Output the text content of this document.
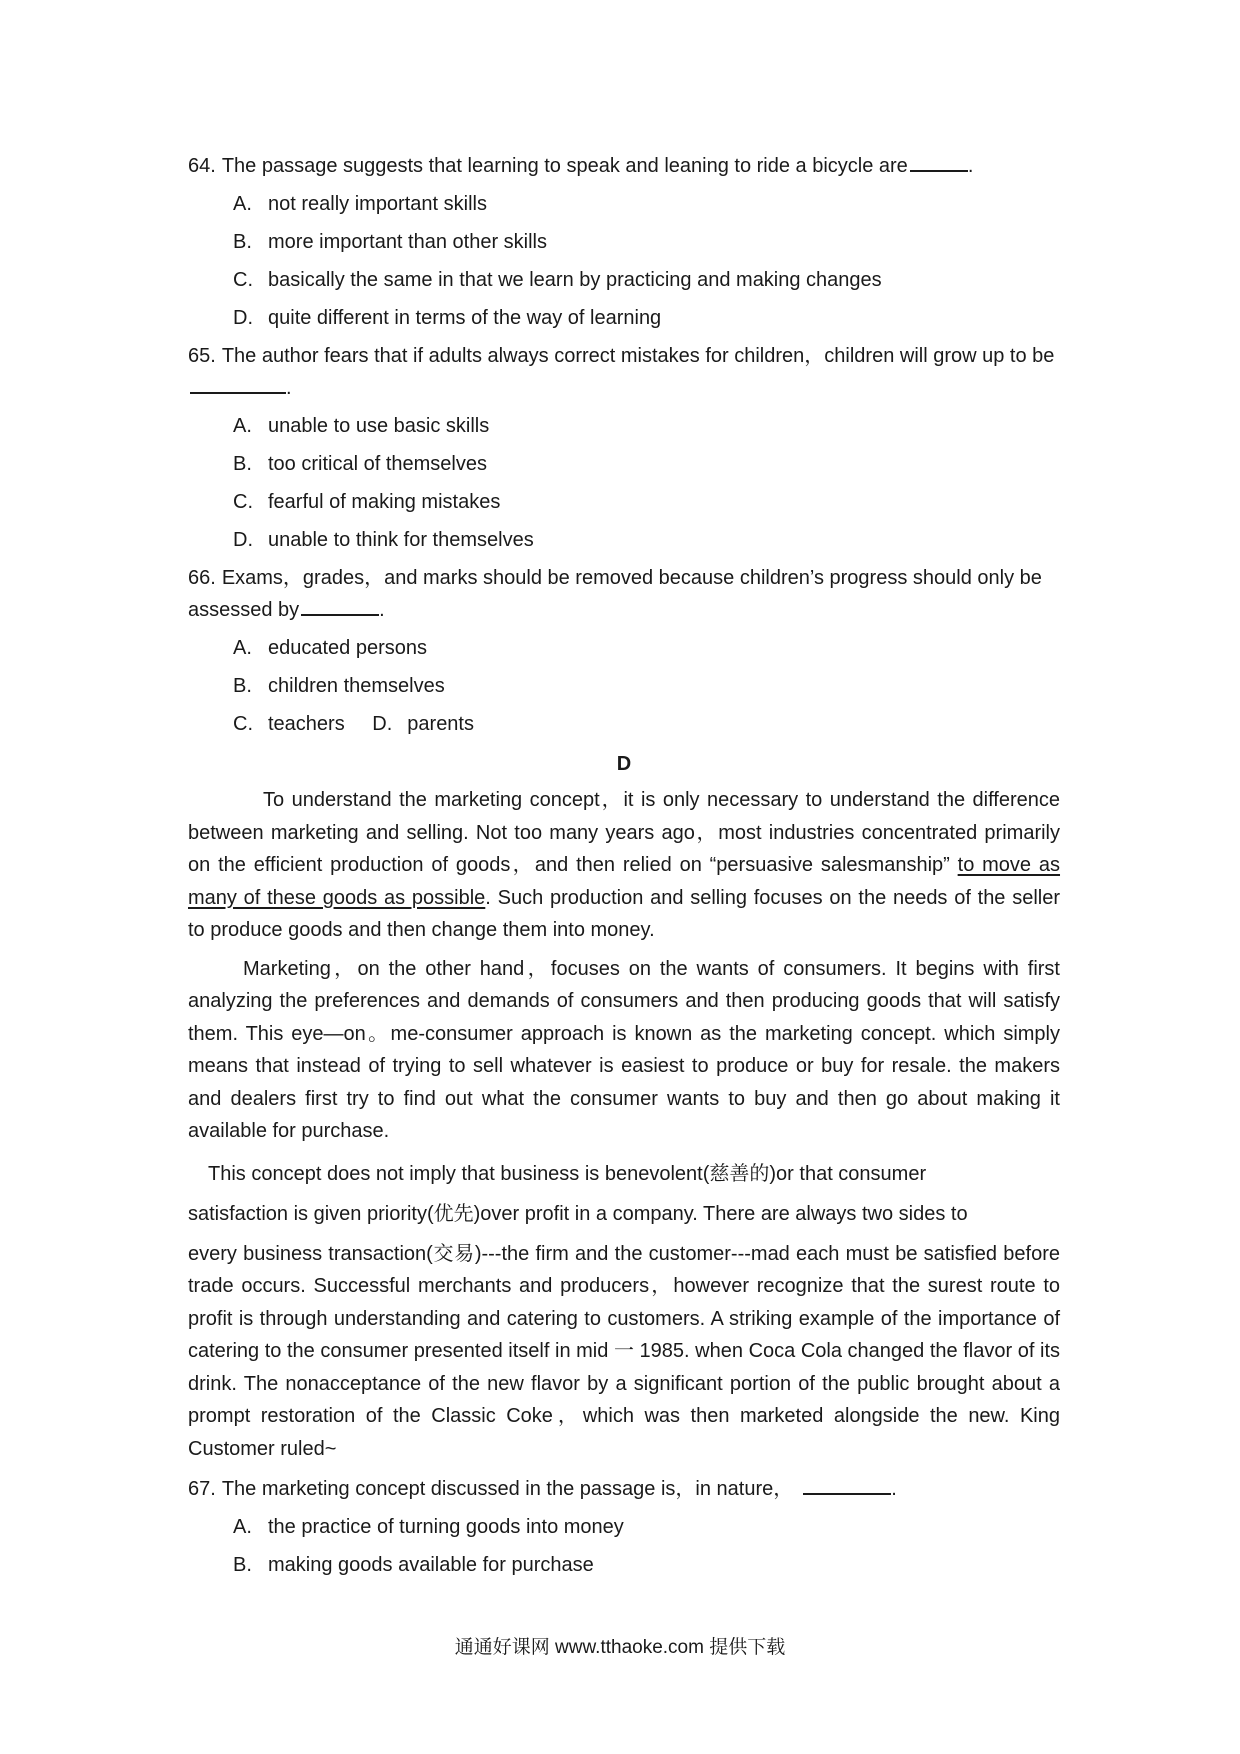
64. The passage suggests that learning to speak and leaning to ride a bicycle are	.
A. not really important skills
B. more important than other skills
C. basically the same in that we learn by practicing and making changes
D. quite different in terms of the way of learning
65. The author fears that if adults always correct mistakes for children，children will grow up to be.
A. unable to use basic skills
B. too critical of themselves
C. fearful of making mistakes
D. unable to think for themselves
66. Exams，grades，and marks should be removed because children’s progress should only be assessed by	.
A. educated persons
B. children themselves
C. teachers D. parents
D

To understand the marketing concept，it is only necessary to understand the difference between marketing and selling. Not too many years ago，most industries concentrated primarily on the efficient production of goods，and then relied on “persuasive salesmanship” to move as many of these goods as possible. Such production and selling focuses on the needs of the seller to produce goods and then change them into money.

Marketing，on the other hand，focuses on the wants of consumers. It begins with first analyzing the preferences and demands of consumers and then producing goods that will satisfy them. This eye—on。me-consumer approach is known as the marketing concept. which simply means that instead of trying to sell whatever is easiest to produce or buy for resale. the makers and dealers first try to find out what the consumer wants to buy and then go about making it available for purchase.

This concept does not imply that business is benevolent(慈善的)or that consumer
satisfaction is given priority(优先)over profit in a company. There are always two sides to

every business transaction(交易)---the firm and the customer---mad each must be satisfied before trade occurs. Successful merchants and producers，however recognize that the surest route to profit is through understanding and catering to customers. A striking example of the importance of catering to the consumer presented itself in mid 一 1985. when Coca Cola changed the flavor of its drink. The nonacceptance of the new flavor by a significant portion of the public brought about a prompt restoration of the Classic Coke，which was then marketed alongside the new. King Customer ruled~

67. The marketing concept discussed in the passage is，in nature，	.
A. the practice of turning goods into money
B. making goods available for purchase
通通好课网 www.tthaoke.com 提供下载
